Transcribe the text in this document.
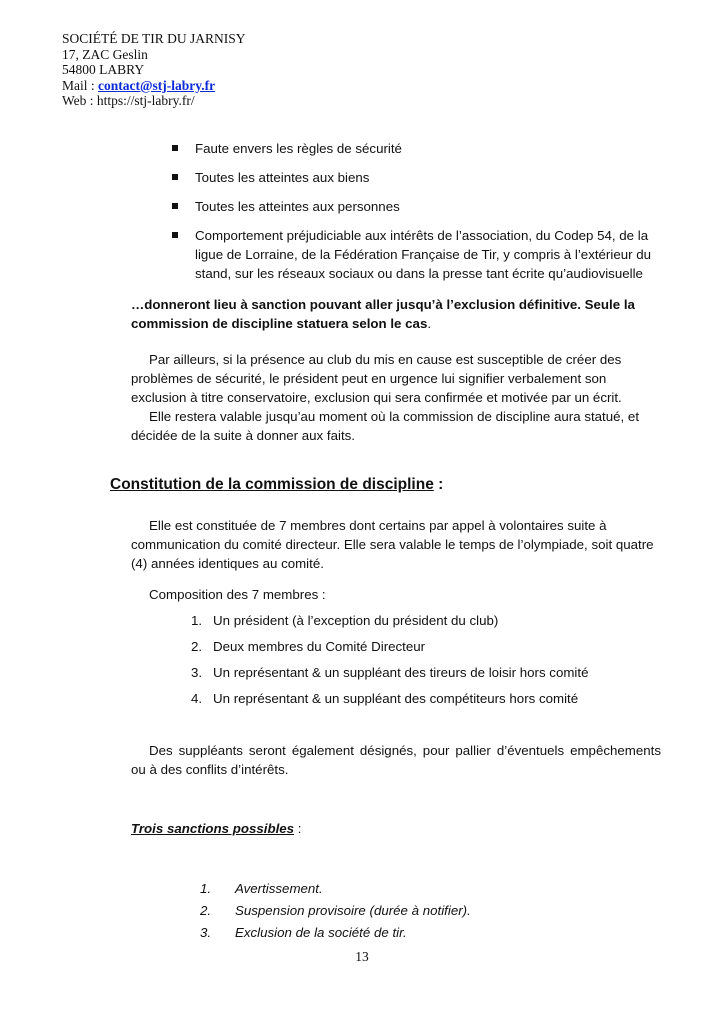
SOCIÉTÉ DE TIR DU JARNISY
17, ZAC Geslin
54800 LABRY
Mail : contact@stj-labry.fr
Web : https://stj-labry.fr/
Faute envers les règles de sécurité
Toutes les atteintes aux biens
Toutes les atteintes aux personnes
Comportement préjudiciable aux intérêts de l’association, du Codep 54, de la ligue de Lorraine, de la Fédération Française de Tir, y compris à l’extérieur du stand, sur les réseaux sociaux ou dans la presse tant écrite qu’audiovisuelle
…donneront lieu à sanction pouvant aller jusqu’à l’exclusion définitive. Seule la commission de discipline statuera selon le cas.
Par ailleurs, si la présence au club du mis en cause est susceptible de créer des problèmes de sécurité, le président peut en urgence lui signifier verbalement son exclusion à titre conservatoire, exclusion qui sera confirmée et motivée par un écrit.
Elle restera valable jusqu’au moment où la commission de discipline aura statué, et décidée de la suite à donner aux faits.
Constitution de la commission de discipline :
Elle est constituée de 7 membres dont certains par appel à volontaires suite à communication du comité directeur. Elle sera valable le temps de l’olympiade, soit quatre (4) années identiques au comité.
Composition des 7 membres :
1. Un président (à l’exception du président du club)
2. Deux membres du Comité Directeur
3. Un représentant & un suppléant des tireurs de loisir hors comité
4. Un représentant & un suppléant des compétiteurs hors comité
Des suppléants seront également désignés, pour pallier d’éventuels empêchements ou à des conflits d’intérêts.
Trois sanctions possibles :
1.	Avertissement.
2.	Suspension provisoire (durée à notifier).
3.	Exclusion de la société de tir.
13
